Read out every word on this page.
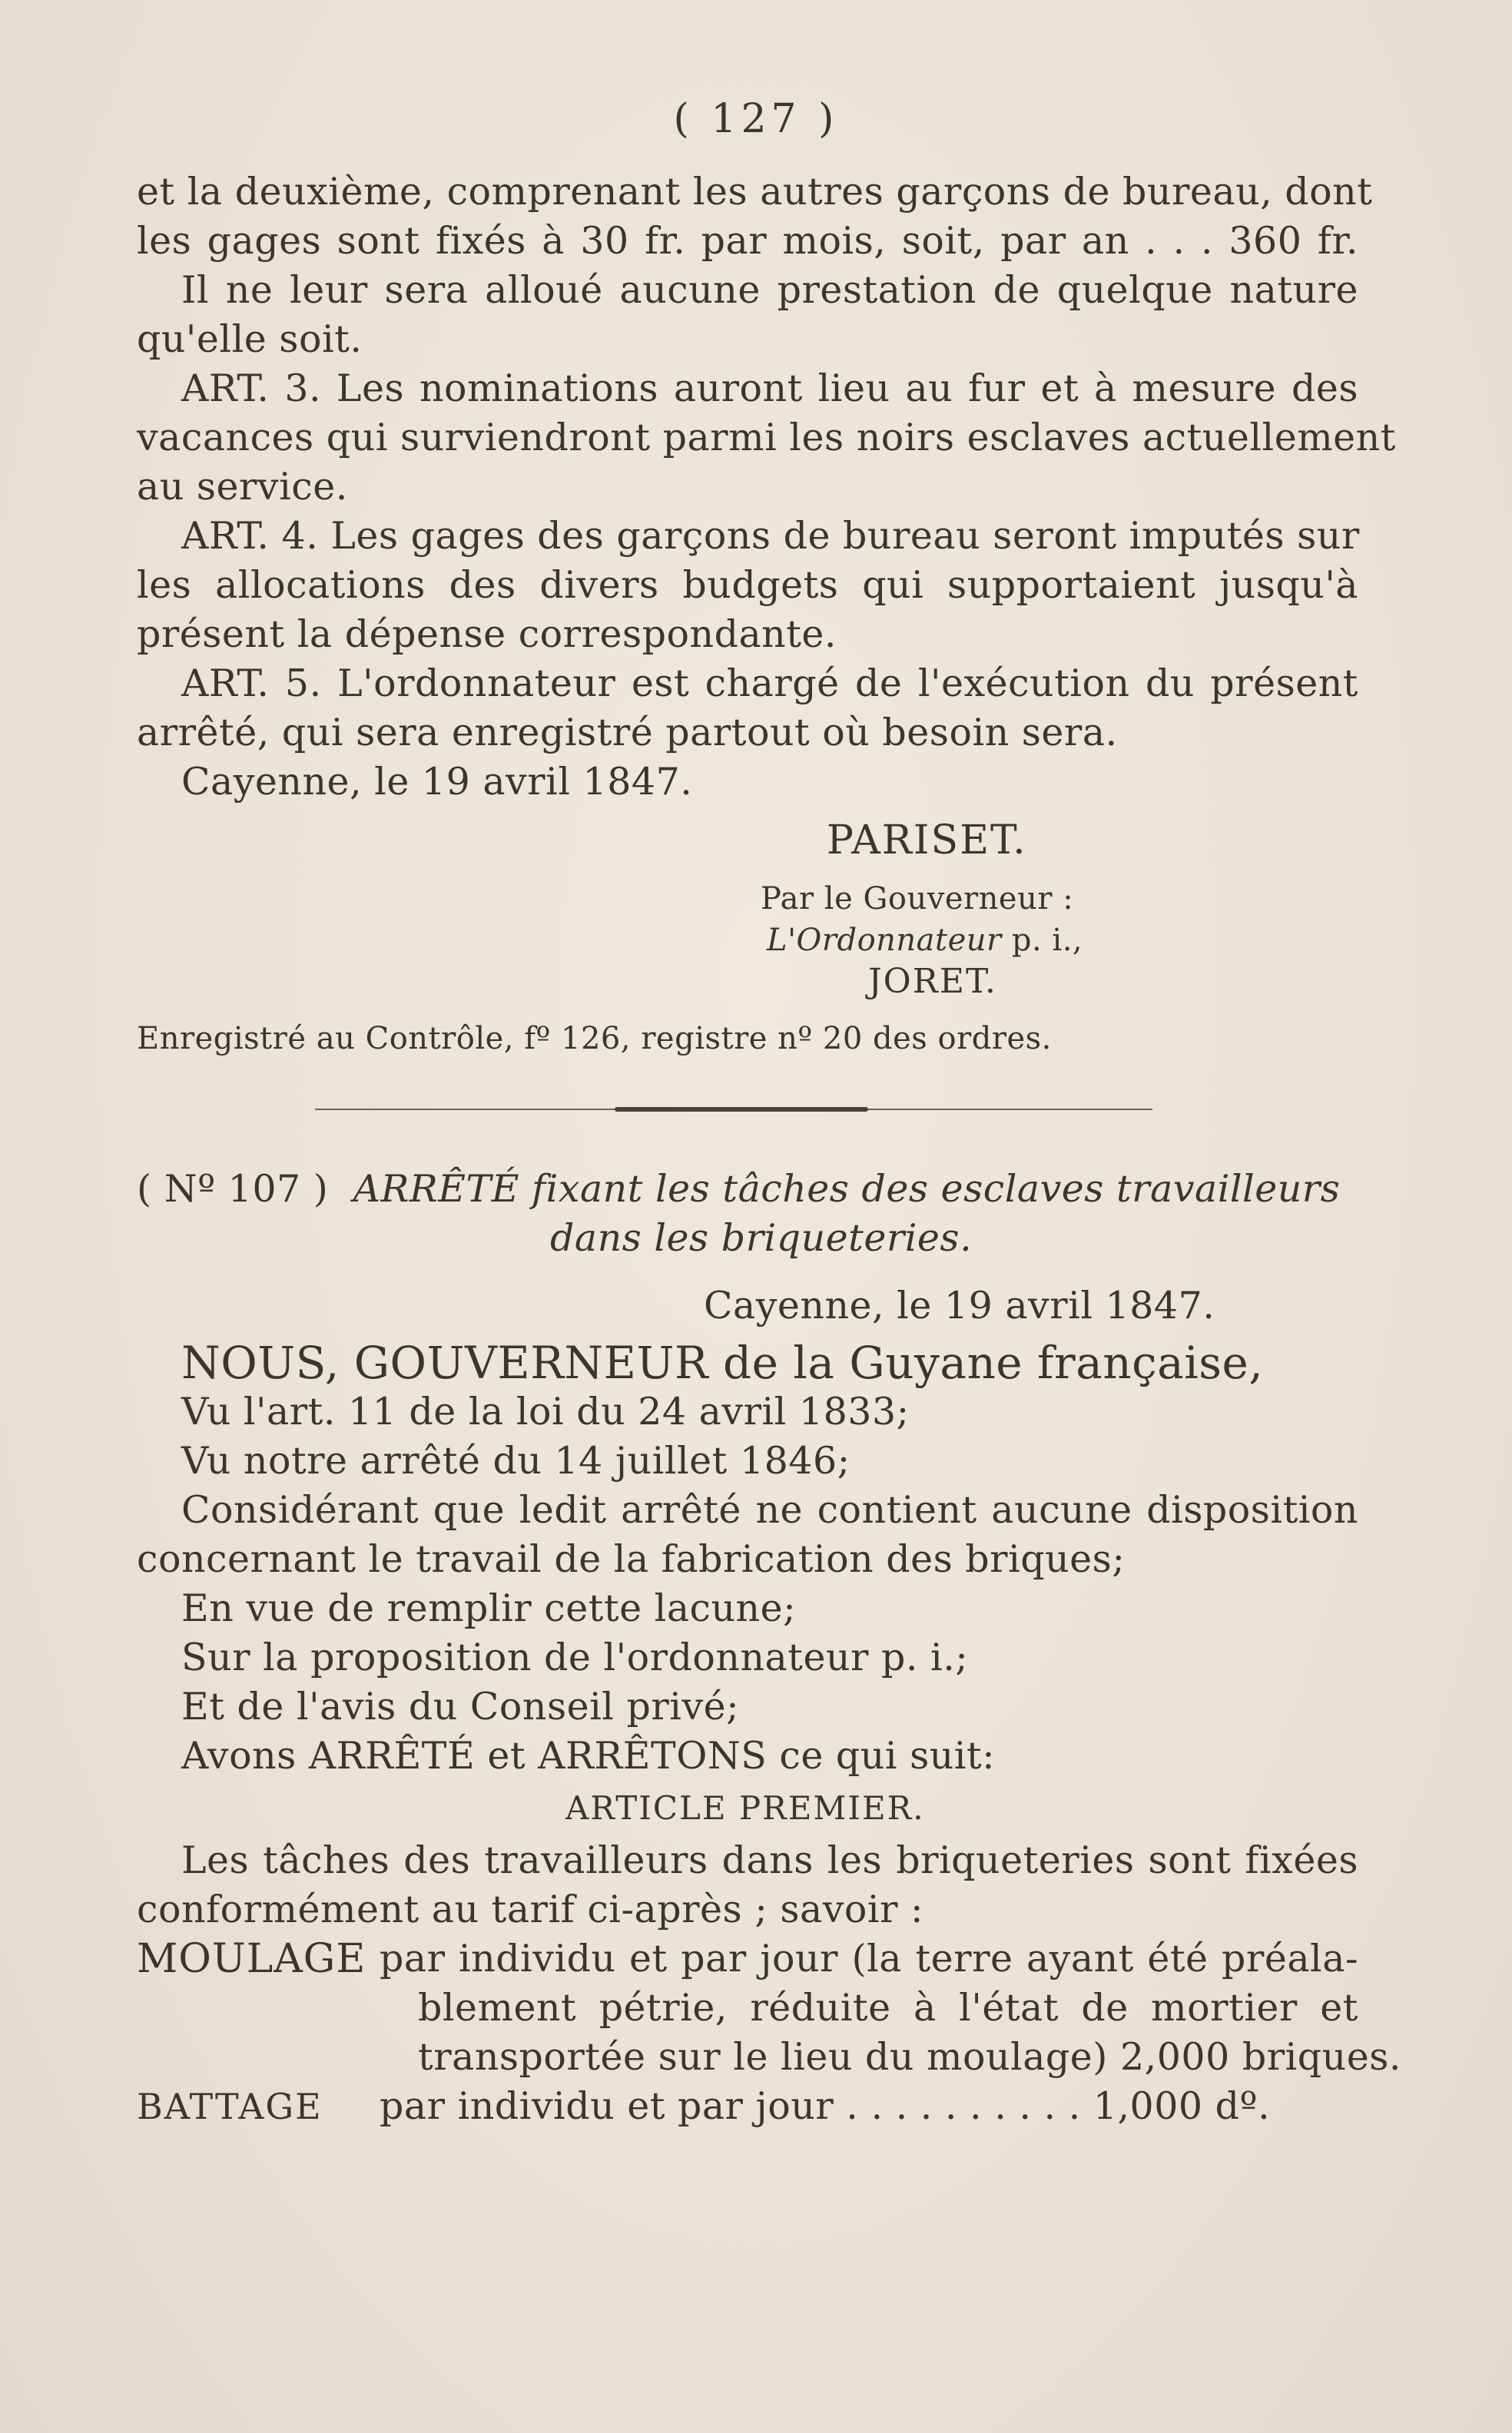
( 127 )
et la deuxième, comprenant les autres garçons de bureau, dont
les gages sont fixés à 30 fr. par mois, soit, par an . . . 360 fr.
Il ne leur sera alloué aucune prestation de quelque nature
qu'elle soit.
ART. 3. Les nominations auront lieu au fur et à mesure des
vacances qui surviendront parmi les noirs esclaves actuellement
au service.
ART. 4. Les gages des garçons de bureau seront imputés sur
les allocations des divers budgets qui supportaient jusqu'à
présent la dépense correspondante.
ART. 5. L'ordonnateur est chargé de l'exécution du présent
arrêté, qui sera enregistré partout où besoin sera.
Cayenne, le 19 avril 1847.
PARISET.
Par le Gouverneur :
L'Ordonnateur p. i.,
JORET.
Enregistré au Contrôle, fº 126, registre nº 20 des ordres.
( Nº 107 ) ARRÊTÉ fixant les tâches des esclaves travailleurs
dans les briqueteries.
Cayenne, le 19 avril 1847.
NOUS, GOUVERNEUR de la Guyane française,
Vu l'art. 11 de la loi du 24 avril 1833;
Vu notre arrêté du 14 juillet 1846;
Considérant que ledit arrêté ne contient aucune disposition
concernant le travail de la fabrication des briques;
En vue de remplir cette lacune;
Sur la proposition de l'ordonnateur p. i.;
Et de l'avis du Conseil privé;
Avons ARRÊTÉ et ARRÊTONS ce qui suit:
ARTICLE PREMIER.
Les tâches des travailleurs dans les briqueteries sont fixées
conformément au tarif ci-après ; savoir :
MOULAGE par individu et par jour (la terre ayant été préala-
blement pétrie, réduite à l'état de mortier et
transportée sur le lieu du moulage) 2,000 briques.
BATTAGE	par individu et par jour . . . . . . . . . . 1,000 dº.
